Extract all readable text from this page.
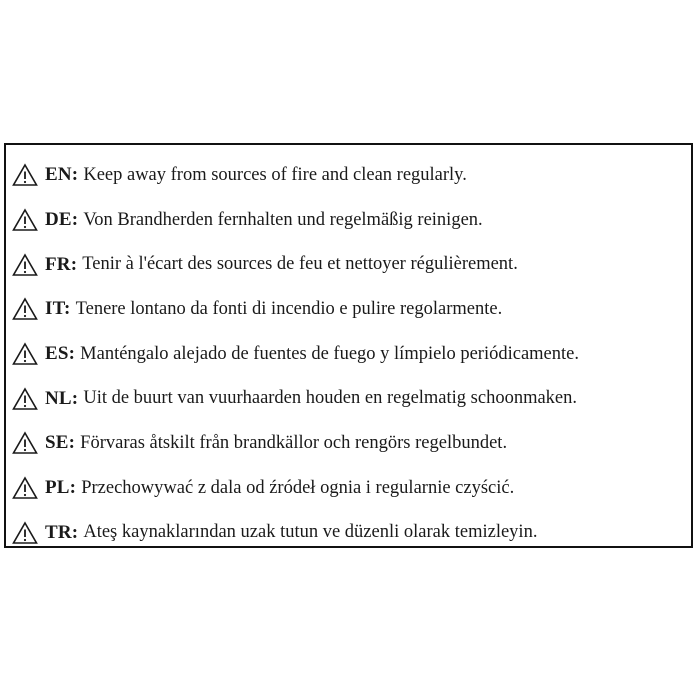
EN: Keep away from sources of fire and clean regularly.
DE: Von Brandherden fernhalten und regelmäßig reinigen.
FR: Tenir à l'écart des sources de feu et nettoyer régulièrement.
IT: Tenere lontano da fonti di incendio e pulire regolarmente.
ES: Manténgalo alejado de fuentes de fuego y límpielo periódicamente.
NL: Uit de buurt van vuurhaarden houden en regelmatig schoonmaken.
SE: Förvaras åtskilt från brandkällor och rengörs regelbundet.
PL: Przechowywać z dala od źródeł ognia i regularnie czyścić.
TR: Ateş kaynaklarından uzak tutun ve düzenli olarak temizleyin.
